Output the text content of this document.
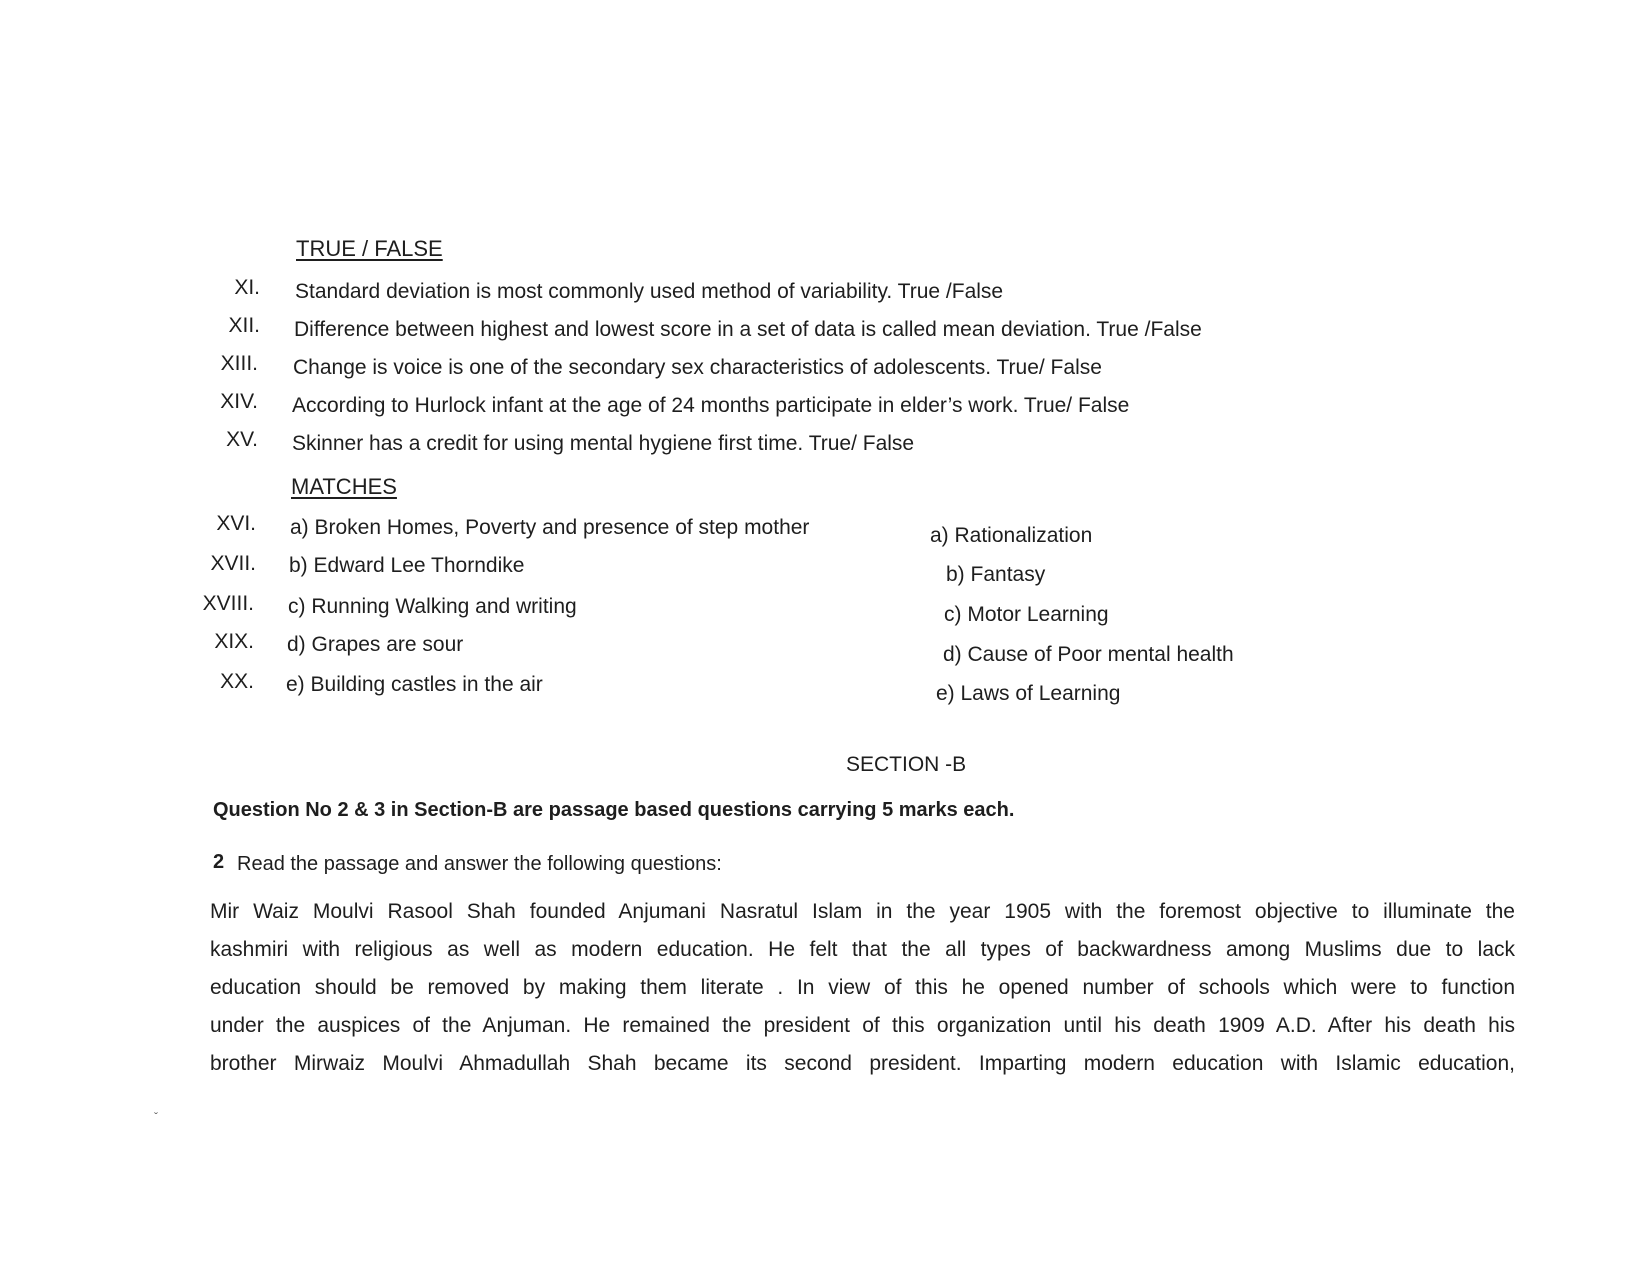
TRUE / FALSE
XI. Standard deviation is most commonly used method of variability. True /False
XII. Difference between highest and lowest score in a set of data is called mean deviation. True /False
XIII. Change is voice is one of the secondary sex characteristics of adolescents. True/ False
XIV. According to Hurlock infant at the age of 24 months participate in elder’s work. True/ False
XV. Skinner has a credit for using mental hygiene first time. True/ False
MATCHES
XVI. a) Broken Homes, Poverty and presence of step mother	a) Rationalization
XVII. b) Edward Lee Thorndike	b) Fantasy
XVIII. c) Running Walking and writing	c) Motor Learning
XIX. d) Grapes are sour	d) Cause of Poor mental health
XX. e) Building castles in the air	e) Laws of Learning
SECTION -B
Question No 2 & 3 in Section-B are passage based questions carrying 5 marks each.
2 Read the passage and answer the following questions:
Mir Waiz Moulvi Rasool Shah founded Anjumani Nasratul Islam in the year 1905 with the foremost objective to illuminate the
kashmiri with religious as well as modern education. He felt that the all types of backwardness among Muslims due to lack
education should be removed by making them literate . In view of this he opened number of schools which were to function
under the auspices of the Anjuman. He remained the president of this organization until his death 1909 A.D. After his death his
brother Mirwaiz Moulvi Ahmadullah Shah became its second president. Imparting modern education with Islamic education,
ˇ
